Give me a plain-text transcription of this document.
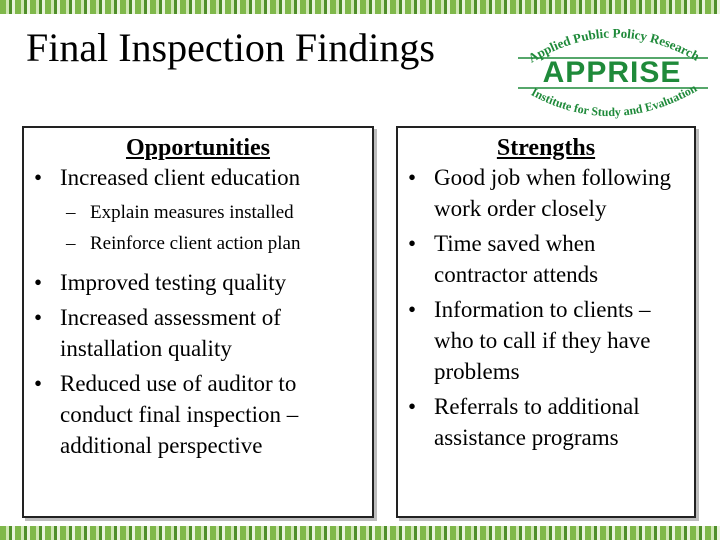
Final Inspection Findings	Applied Public Policy Research
APPRISE
Institute for Study and Evaluation
Opportunities
• Increased client education
– Explain measures installed
– Reinforce client action plan
• Improved testing quality
• Increased assessment of installation quality
• Reduced use of auditor to conduct final inspection – additional perspective
Strengths
• Good job when following work order closely
• Time saved when contractor attends
• Information to clients – who to call if they have problems
• Referrals to additional assistance programs
